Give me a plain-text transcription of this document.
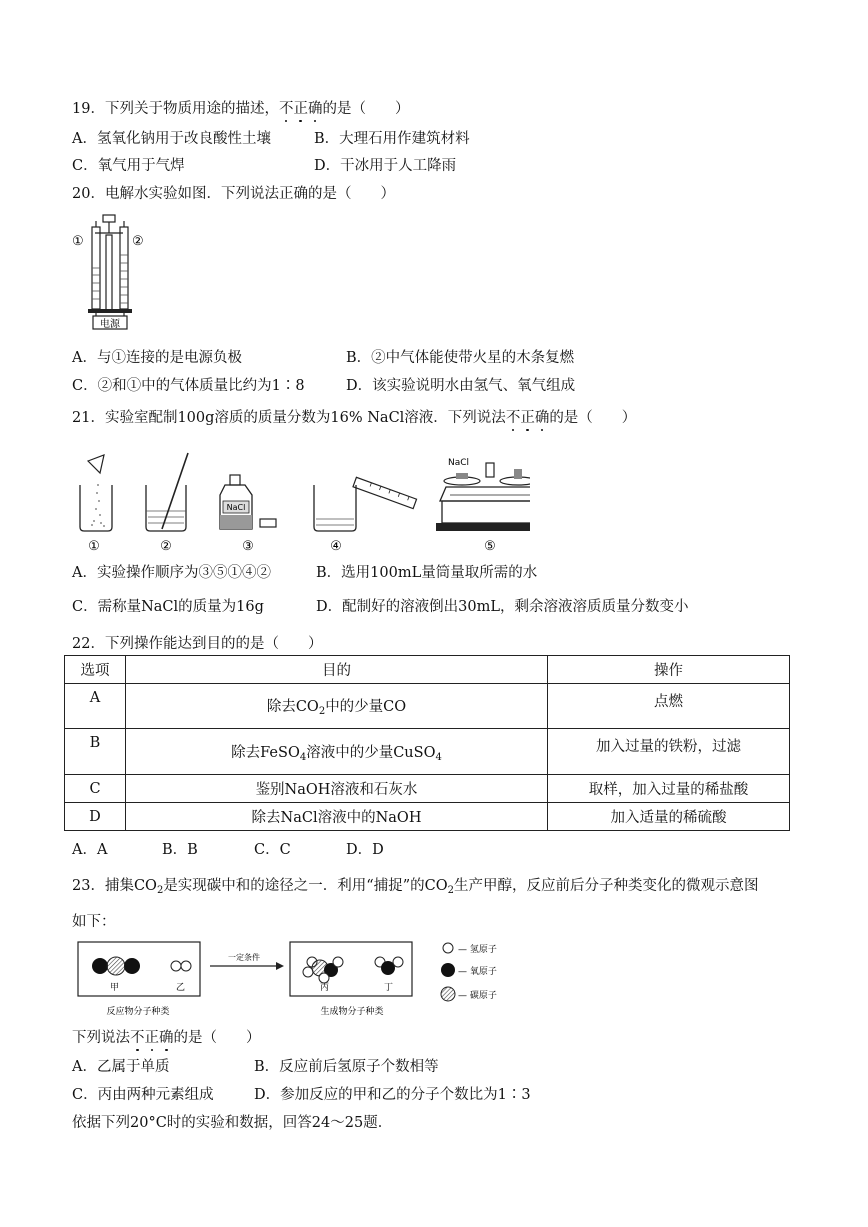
19．下列关于物质用途的描述，不正确的是（　　）
A．氢氧化钠用于改良酸性土壤	B．大理石用作建筑材料
C．氧气用于气焊	D．干冰用于人工降雨
20．电解水实验如图．下列说法正确的是（　　）
电源
①	②
A．与①连接的是电源负极	B．②中气体能使带火星的木条复燃
C．②和①中的气体质量比约为1∶8	D．该实验说明水由氢气、氧气组成
21．实验室配制100g溶质的质量分数为16% NaCl溶液．下列说法不正确的是（　　）
①	②
NaCl
③	④
NaCl
⑤
A．实验操作顺序为③⑤①④②	B．选用100mL量筒量取所需的水
C．需称量NaCl的质量为16g	D．配制好的溶液倒出30mL，剩余溶液溶质质量分数变小
22．下列操作能达到目的的是（　　）
选项	目的	操作

A	除去$CO_2$中的少量CO	点燃

B	除去FeSO$_4$溶液中的少量CuSO$_4$	加入过量的铁粉，过滤

C	鉴别NaOH溶液和石灰水	取样，加入过量的稀盐酸
D	除去NaCl溶液中的NaOH	加入适量的稀硫酸
A．A	B．B	C．C	D．D
23．捕集$CO_2$是实现碳中和的途径之一．利用“捕捉”的$CO_2$生产甲醇，反应前后分子种类变化的微观示意图
如下：
甲	乙
反应物分子种类
一定条件
丙	丁
生成物分子种类
— 氢原子
— 氧原子
— 碳原子
下列说法不正确的是（　　）
A．乙属于单质	B．反应前后氢原子个数相等
C．丙由两种元素组成	D．参加反应的甲和乙的分子个数比为1∶3
依据下列20°C时的实验和数据，回答24～25题．
